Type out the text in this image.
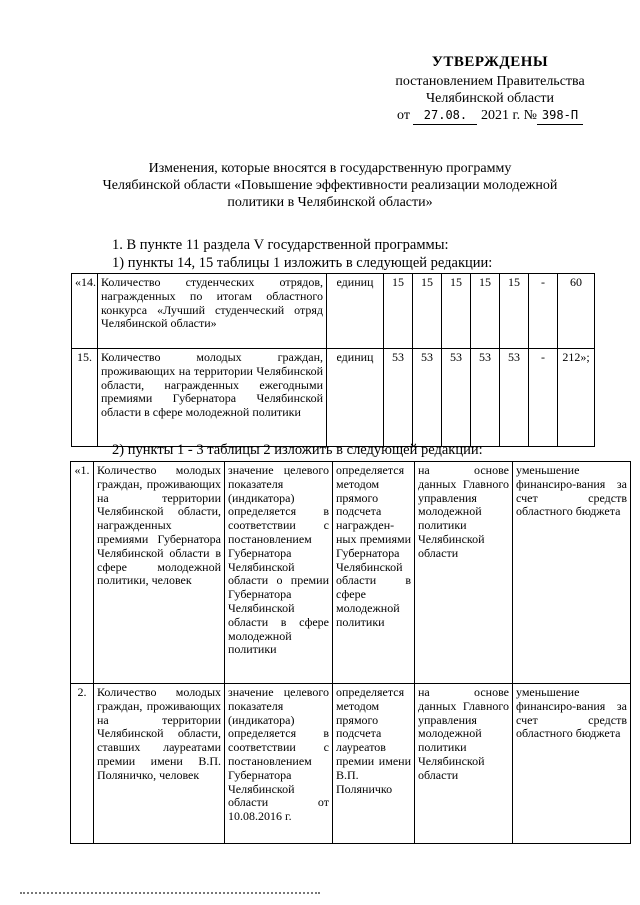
УТВЕРЖДЕНЫ
постановлением Правительства
Челябинской области
от 27.08. 2021 г. № 398-П
Изменения, которые вносятся в государственную программу
Челябинской области «Повышение эффективности реализации молодежной
политики в Челябинской области»
1. В пункте 11 раздела V государственной программы:
1) пункты 14, 15 таблицы 1 изложить в следующей редакции:
«14.	Количество студенческих отрядов, награжденных по итогам областного конкурса «Лучший студенческий отряд Челябинской области»	единиц	15	15	15	15	15	-	60
15.	Количество молодых граждан, проживающих на территории Челябинской области, награжденных ежегодными премиями Губернатора Челябинской области в сфере молодежной политики	единиц	53	53	53	53	53	-	212»;
2) пункты 1 - 3 таблицы 2 изложить в следующей редакции:
«1.	Количество молодых граждан, проживающих на территории Челябинской области, награжденных премиями Губернатора Челябинской области в сфере молодежной политики, человек	значение целевого показателя (индикатора) определяется в соответствии с постановлением Губернатора Челябинской области о премии Губернатора Челябинской области в сфере молодежной политики	определяется методом прямого подсчета награжден-ных премиями Губернатора Челябинской области в сфере молодежной политики	на основе данных Главного управления молодежной политики Челябинской области	уменьшение финансиро-вания за счет средств областного бюджета
2.	Количество молодых граждан, проживающих на территории Челябинской области, ставших лауреатами премии имени В.П. Поляничко, человек	значение целевого показателя (индикатора) определяется в соответствии с постановлением Губернатора Челябинской области от 10.08.2016 г.	определяется методом прямого подсчета лауреатов премии имени В.П. Поляничко	на основе данных Главного управления молодежной политики Челябинской области	уменьшение финансиро-вания за счет средств областного бюджета
